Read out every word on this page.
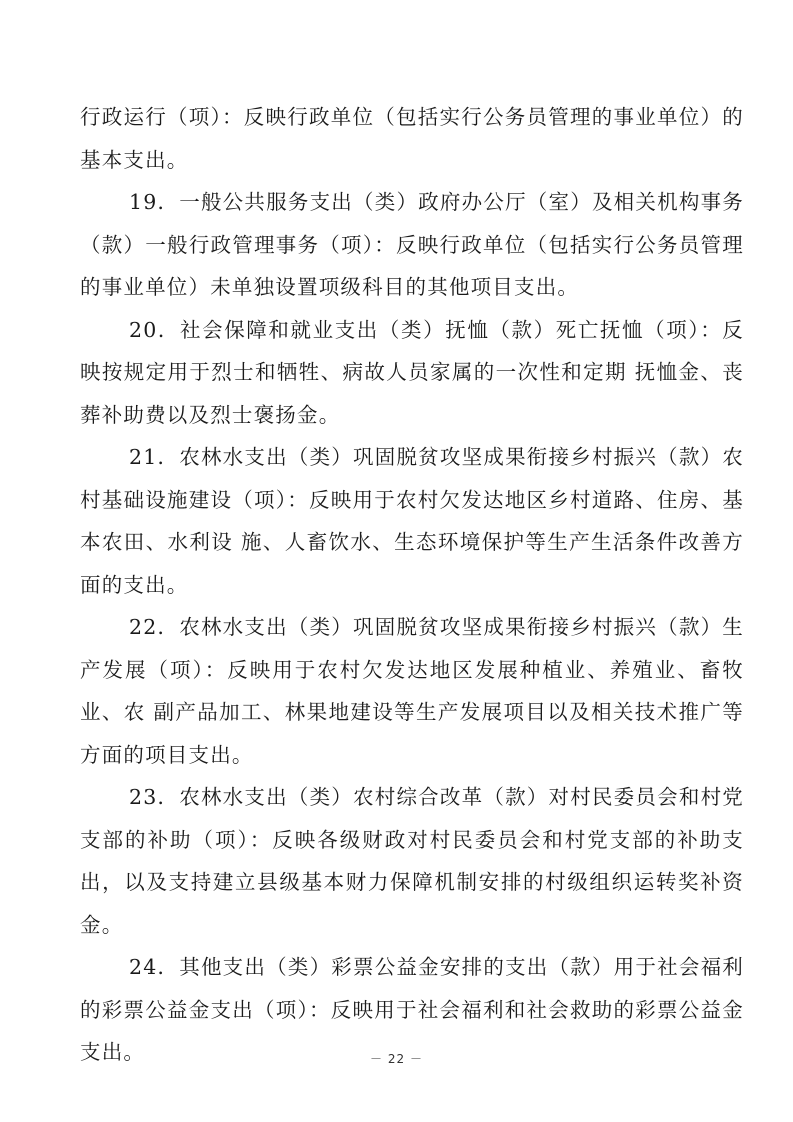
行政运行（项）：反映行政单位（包括实行公务员管理的事业单位）的基本支出。

19．一般公共服务支出（类）政府办公厅（室）及相关机构事务（款）一般行政管理事务（项）：反映行政单位（包括实行公务员管理的事业单位）未单独设置项级科目的其他项目支出。

20．社会保障和就业支出（类）抚恤（款）死亡抚恤（项）：反映按规定用于烈士和牺牲、病故人员家属的一次性和定期 抚恤金、丧葬补助费以及烈士褒扬金。

21．农林水支出（类）巩固脱贫攻坚成果衔接乡村振兴（款）农村基础设施建设（项）：反映用于农村欠发达地区乡村道路、住房、基本农田、水利设 施、人畜饮水、生态环境保护等生产生活条件改善方面的支出。

22．农林水支出（类）巩固脱贫攻坚成果衔接乡村振兴（款）生产发展（项）：反映用于农村欠发达地区发展种植业、养殖业、畜牧业、农 副产品加工、林果地建设等生产发展项目以及相关技术推广等 方面的项目支出。

23．农林水支出（类）农村综合改革（款）对村民委员会和村党支部的补助（项）：反映各级财政对村民委员会和村党支部的补助支出，以及支持建立县级基本财力保障机制安排的村级组织运转奖补资金。

24．其他支出（类）彩票公益金安排的支出（款）用于社会福利的彩票公益金支出（项）：反映用于社会福利和社会救助的彩票公益金支出。	－ 22 －
